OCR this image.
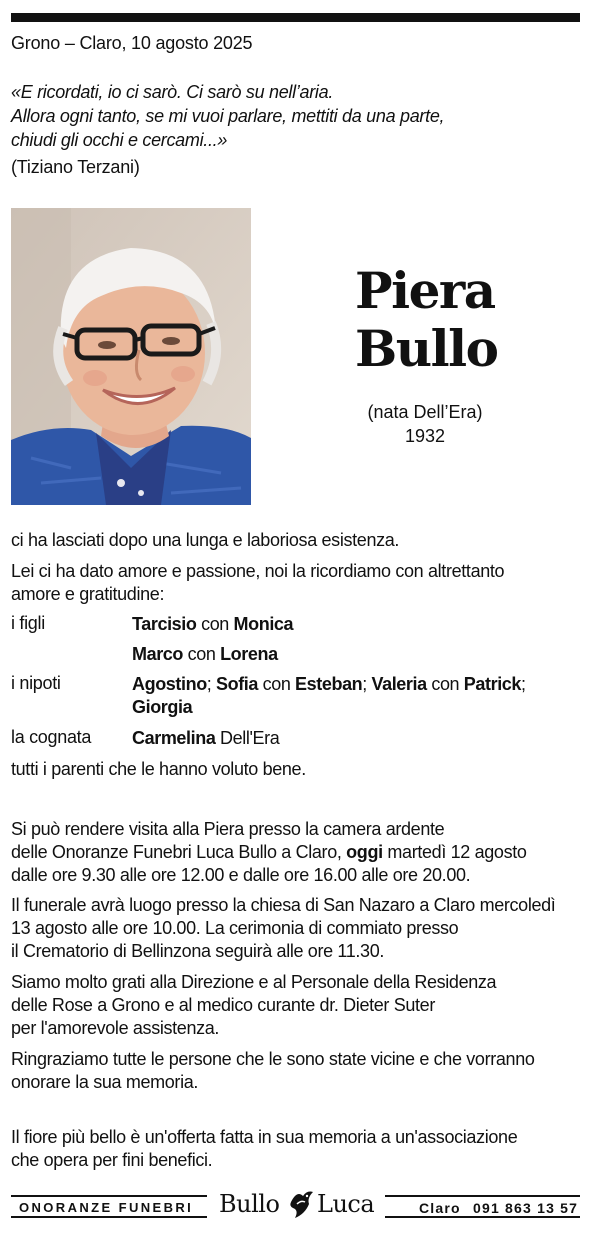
Grono – Claro, 10 agosto 2025
«E ricordati, io ci sarò. Ci sarò su nell’aria.
Allora ogni tanto, se mi vuoi parlare, mettiti da una parte,
chiudi gli occhi e cercami...»
(Tiziano Terzani)
Piera
Bullo
(nata Dell’Era)
1932
ci ha lasciati dopo una lunga e laboriosa esistenza.
Lei ci ha dato amore e passione, noi la ricordiamo con altrettanto
amore e gratitudine:
i figli	Tarcisio con Monica
Marco con Lorena
i nipoti	Agostino; Sofia con Esteban; Valeria con Patrick;
Giorgia
la cognata Carmelina Dell'Era
tutti i parenti che le hanno voluto bene.
Si può rendere visita alla Piera presso la camera ardente
delle Onoranze Funebri Luca Bullo a Claro, oggi martedì 12 agosto
dalle ore 9.30 alle ore 12.00 e dalle ore 16.00 alle ore 20.00.
Il funerale avrà luogo presso la chiesa di San Nazaro a Claro mercoledì
13 agosto alle ore 10.00. La cerimonia di commiato presso
il Crematorio di Bellinzona seguirà alle ore 11.30.
Siamo molto grati alla Direzione e al Personale della Residenza
delle Rose a Grono e al medico curante dr. Dieter Suter
per l'amorevole assistenza.
Ringraziamo tutte le persone che le sono state vicine e che vorranno
onorare la sua memoria.
Il fiore più bello è un'offerta fatta in sua memoria a un'associazione
che opera per fini benefici.
ONORANZE FUNEBRI	Bullo Luca	Claro 091 863 13 57
